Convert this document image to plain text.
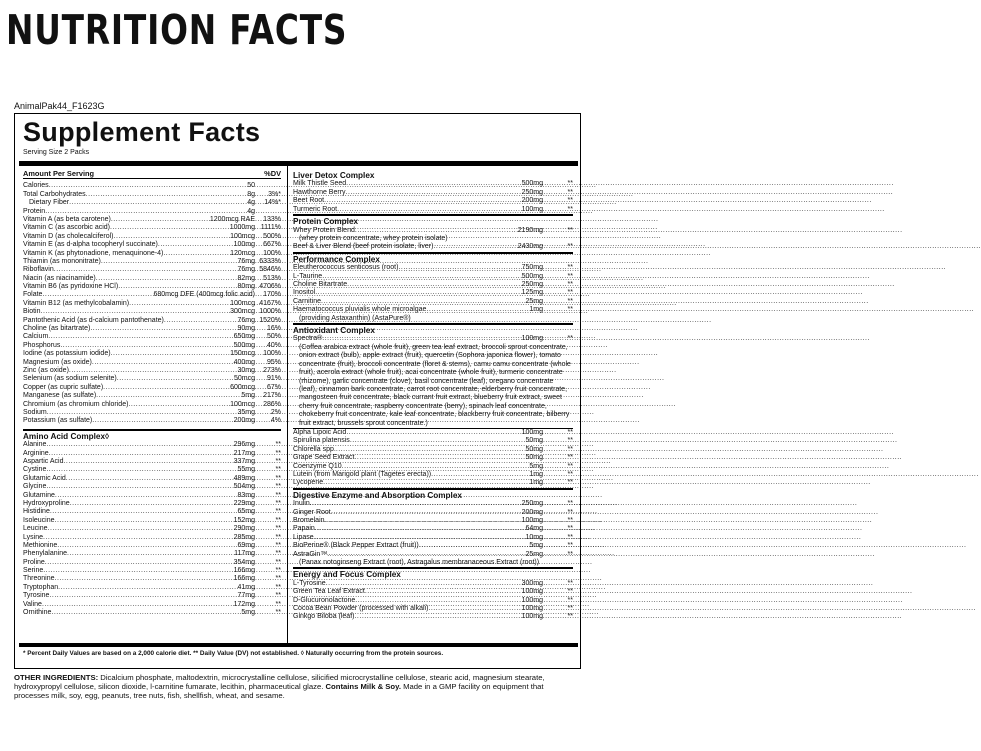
NUTRITION FACTS
AnimalPak44_F1623G
Supplement Facts
Serving Size 2 Packs
Amount Per Serving	%DV
Calories .....	50
Total Carbohydrates .....	8g	3%*
Dietary Fiber .....	4g	14%*
Protein .....	4g
Vitamin A (as beta carotene) .....	1200mcg RAE	133%
Vitamin C (as ascorbic acid) .....	1000mg 1111%
Vitamin D (as cholecalciferol) .....	100mcg	500%
Vitamin E (as d-alpha tocopheryl succinate) .....	100mg	667%
Vitamin K (as phytonadione, menaquinone-4) .....	120mcg	100%
Thiamin (as mononitrate) .....	76mg 6333%
Riboflavin .....	76mg 5846%
Niacin (as niacinamide) .....	82mg	513%
Vitamin B6 (as pyridoxine HCl) .....	80mg 4706%
Folate .....	680mcg DFE (400mcg folic acid)	170%
Vitamin B12 (as methylcobalamin) .....	100mcg 4167%
Biotin .....	300mcg 1000%
Pantothenic Acid (as d-calcium pantothenate) .....	76mg 1520%
Choline (as bitartrate) .....	90mg	16%
Calcium .....	650mg	50%
Phosphorus .....	500mg	40%
Iodine (as potassium iodide) .....	150mcg	100%
Magnesium (as oxide) .....	400mg	95%
Zinc (as oxide) .....	30mg	273%
Selenium (as sodium selenite) .....	50mcg	91%
Copper (as cupric sulfate) .....	600mcg	67%
Manganese (as sulfate) .....	5mg	217%
Chromium (as chromium chloride) .....	100mcg	286%
Sodium .....	35mg	2%
Potassium (as sulfate) .....	200mg	4%
Amino Acid Complex◊
Alanine .....	296mg	**
Arginine .....	217mg	**
Aspartic Acid .....	337mg	**
Cystine .....	55mg	**
Glutamic Acid .....	489mg	**
Glycine .....	504mg	**
Glutamine .....	83mg	**
Hydroxyproline .....	229mg	**
Histidine .....	65mg	**
Isoleucine .....	152mg	**
Leucine .....	290mg	**
Lysine .....	285mg	**
Methionine .....	69mg	**
Phenylalanine .....	117mg	**
Proline .....	354mg	**
Serine .....	166mg	**
Threonine .....	166mg	**
Tryptophan .....	41mg	**
Tyrosine .....	77mg	**
Valine .....	172mg	**
Ornithine .....	5mg	**
Liver Detox Complex
Milk Thistle Seed .....	500mg	**
Hawthorne Berry .....	250mg	**
Beet Root .....	200mg	**
Turmeric Root .....	100mg	**
Protein Complex
Whey Protein Blend .....	2190mg	**
(whey protein concentrate, whey protein isolate)
Beef & Liver Blend (beef protein isolate, liver) .....	2430mg	**
Performance Complex
Eleutherococcus senticosus (root) .....	750mg	**
L-Taurine .....	500mg	**
Choline Bitartrate .....	250mg	**
Inositol .....	125mg	**
Carnitine .....	25mg	**
Haematococcus pluvialis whole microalgae .....	1mg	**
(providing Astaxanthin) (AstaPure®)
Antioxidant Complex
Spectra® .....	100mg	**
(Coffea arabica extract (whole fruit), green tea leaf extract, broccoli sprout concentrate, onion extract (bulb), apple extract (fruit), quercetin (Sophora japonica flower), tomato concentrate (fruit), broccoli concentrate (floret & stems), camu camu concentrate (whole fruit), acerola extract (whole fruit), acai concentrate (whole fruit), turmeric concentrate (rhizome), garlic concentrate (clove), basil concentrate (leaf), oregano concentrate (leaf), cinnamon bark concentrate, carrot root concentrate, elderberry fruit concentrate, mangosteen fruit concentrate, black currant fruit extract, blueberry fruit extract, sweet cherry fruit concentrate, raspberry concentrate (berry), spinach leaf concentrate, chokeberry fruit concentrate, kale leaf concentrate, blackberry fruit concentrate, bilberry fruit extract, brussels sprout concentrate.)
Alpha Lipoic Acid .....	100mg	**
Spirulina platensis .....	50mg	**
Chlorella spp. .....	50mg	**
Grape Seed Extract .....	50mg	**
Coenzyme Q10 .....	5mg	**
Lutein (from Marigold plant (Tagetes erecta)) .....	1mg	**
Lycopene .....	1mg	**
Digestive Enzyme and Absorption Complex
Inulin .....	250mg	**
Ginger Root .....	200mg	**
Bromelain .....	100mg	**
Papain .....	64mg	**
Lipase .....	10mg	**
BioPerine® (Black Pepper Extract (fruit)) .....	5mg	**
AstraGin™ .....	25mg	**
(Panax notoginseng Extract (root), Astragalus membranaceous Extract (root))
Energy and Focus Complex
L-Tyrosine .....	300mg	**
Green Tea Leaf Extract .....	100mg	**
D-Glucuronolactone .....	100mg	**
Cocoa Bean Powder (processed with alkali) .....	100mg	**
Ginkgo Biloba (leaf) .....	100mg	**
* Percent Daily Values are based on a 2,000 calorie diet. ** Daily Value (DV) not established. ◊ Naturally occurring from the protein sources.
OTHER INGREDIENTS: Dicalcium phosphate, maltodextrin, microcrystalline cellulose, silicified microcrystalline cellulose, stearic acid, magnesium stearate, hydroxypropyl cellulose, silicon dioxide, l-carnitine fumarate, lecithin, pharmaceutical glaze. Contains Milk & Soy. Made in a GMP facility on equipment that processes milk, soy, egg, peanuts, tree nuts, fish, shellfish, wheat, and sesame.
